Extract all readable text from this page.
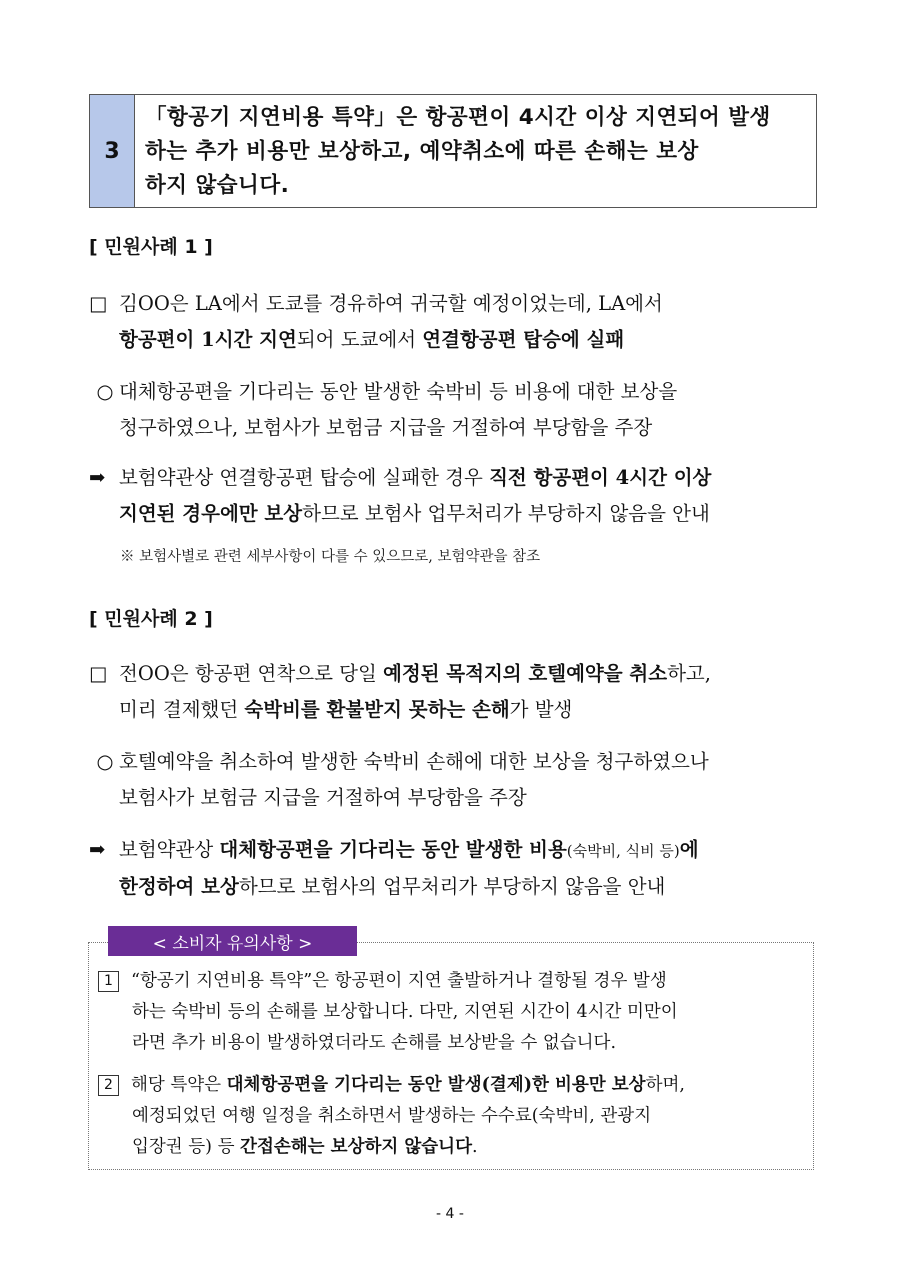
3
「항공기 지연비용 특약」은 항공편이 4시간 이상 지연되어 발생
하는 추가 비용만 보상하고, 예약취소에 따른 손해는 보상
하지 않습니다.
[ 민원사례 1 ]
□ 김OO은 LA에서 도쿄를 경유하여 귀국할 예정이었는데, LA에서
항공편이 1시간 지연되어 도쿄에서 연결항공편 탑승에 실패
○ 대체항공편을 기다리는 동안 발생한 숙박비 등 비용에 대한 보상을
청구하였으나, 보험사가 보험금 지급을 거절하여 부당함을 주장
➡ 보험약관상 연결항공편 탑승에 실패한 경우 직전 항공편이 4시간 이상
지연된 경우에만 보상하므로 보험사 업무처리가 부당하지 않음을 안내
※ 보험사별로 관련 세부사항이 다를 수 있으므로, 보험약관을 참조
[ 민원사례 2 ]
□ 전OO은 항공편 연착으로 당일 예정된 목적지의 호텔예약을 취소하고,
미리 결제했던 숙박비를 환불받지 못하는 손해가 발생
○ 호텔예약을 취소하여 발생한 숙박비 손해에 대한 보상을 청구하였으나
보험사가 보험금 지급을 거절하여 부당함을 주장
➡ 보험약관상 대체항공편을 기다리는 동안 발생한 비용(숙박비, 식비 등)에
한정하여 보상하므로 보험사의 업무처리가 부당하지 않음을 안내
< 소비자 유의사항 >
1 “항공기 지연비용 특약”은 항공편이 지연 출발하거나 결항될 경우 발생
하는 숙박비 등의 손해를 보상합니다. 다만, 지연된 시간이 4시간 미만이
라면 추가 비용이 발생하였더라도 손해를 보상받을 수 없습니다.
2 해당 특약은 대체항공편을 기다리는 동안 발생(결제)한 비용만 보상하며,
예정되었던 여행 일정을 취소하면서 발생하는 수수료(숙박비, 관광지
입장권 등) 등 간접손해는 보상하지 않습니다.
- 4 -
